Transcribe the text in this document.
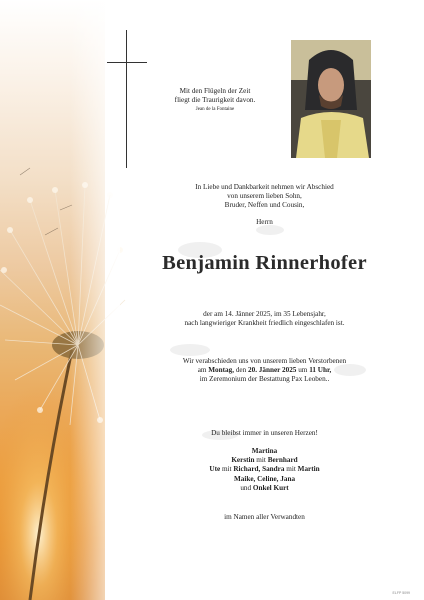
Mit den Flügeln der Zeit
fliegt die Traurigkeit davon.
Jean de la Fontaine
In Liebe und Dankbarkeit nehmen wir Abschied
von unserem lieben Sohn,
Bruder, Neffen und Cousin,
Herrn
Benjamin Rinnerhofer
der am 14. Jänner 2025, im 35 Lebensjahr,
nach langwieriger Krankheit friedlich eingeschlafen ist.
Wir verabschieden uns von unserem lieben Verstorbenen
am Montag, den 20. Jänner 2025 um 11 Uhr,
im Zeremonium der Bestattung Pax Leoben..
Du bleibst immer in unseren Herzen!
Martina
Kerstin mit Bernhard
Ute mit Richard, Sandra mit Martin
Maike, Celine, Jana
und Onkel Kurt
im Namen aller Verwandten
ELFP 5099
